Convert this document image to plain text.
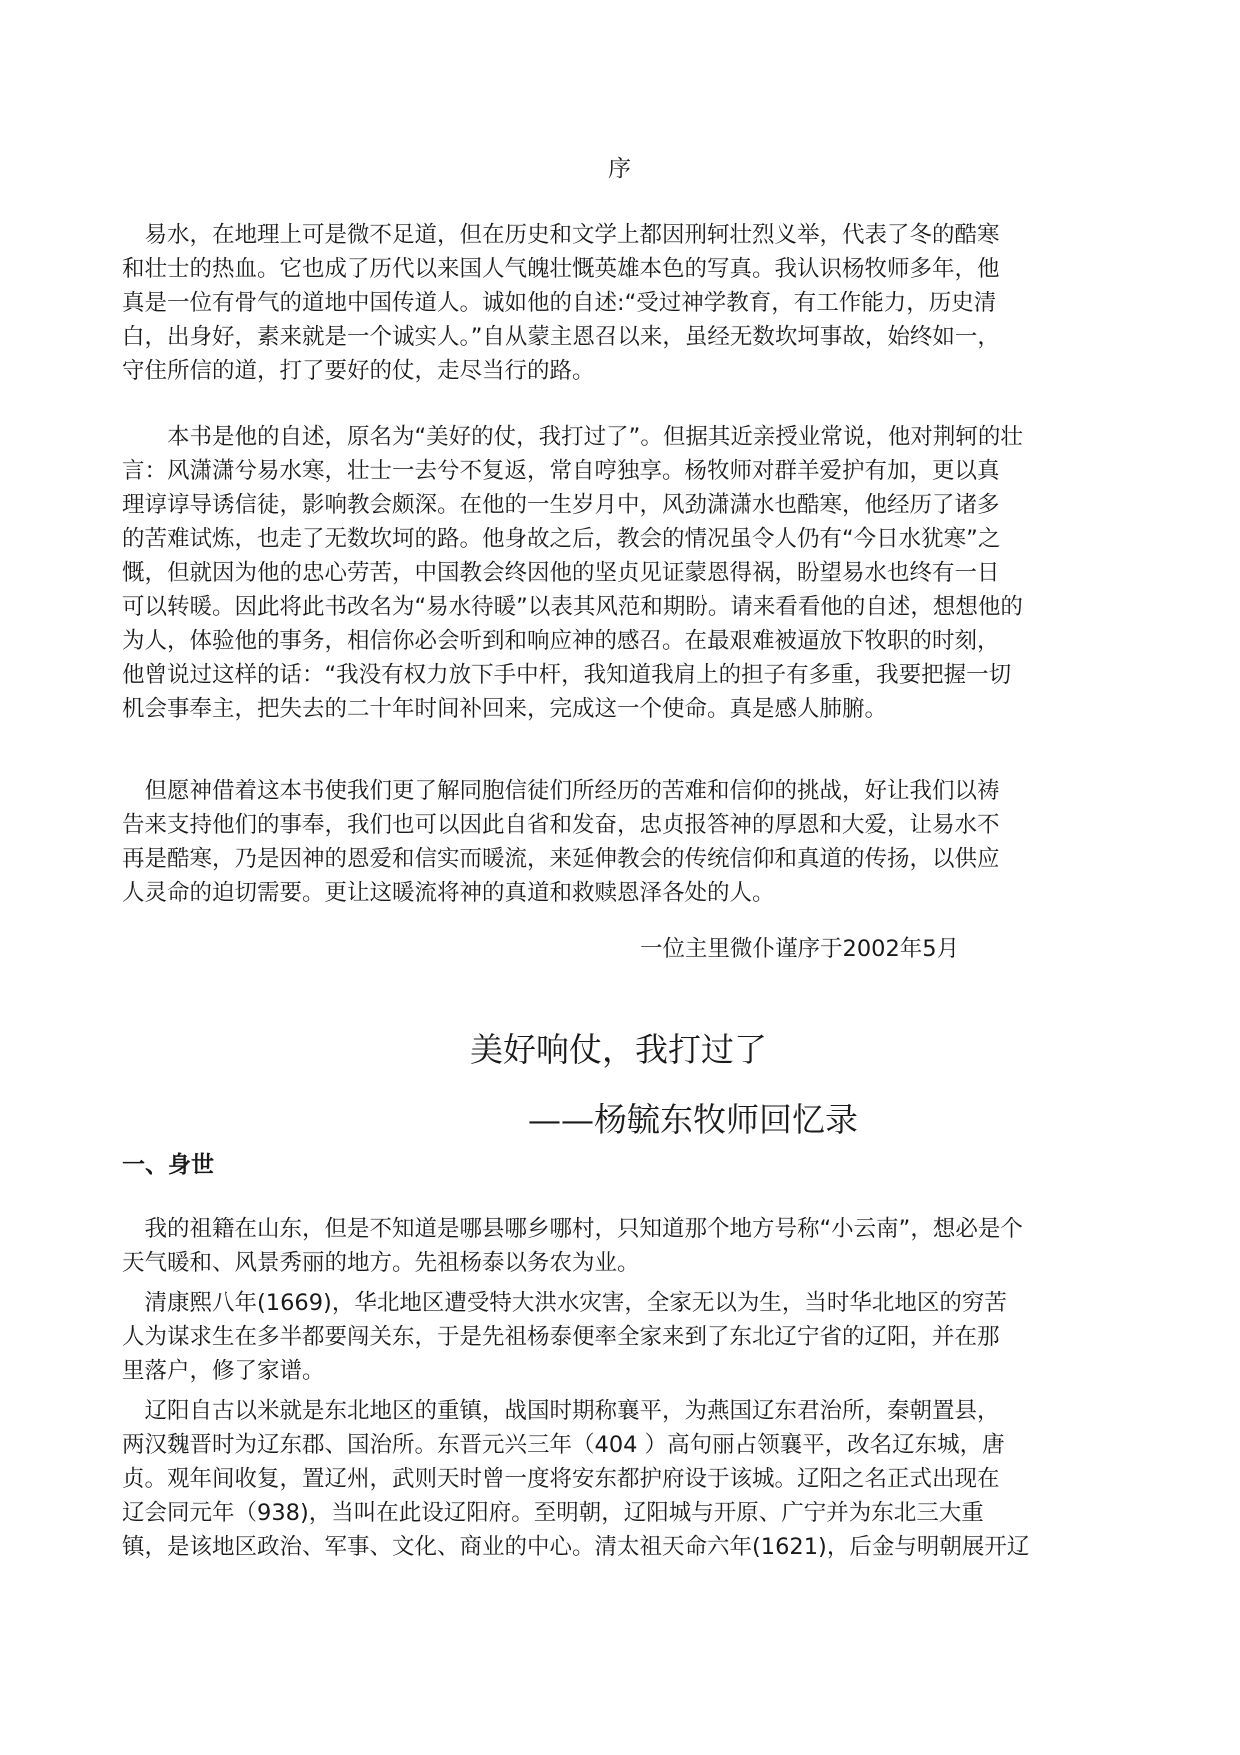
序
　易水，在地理上可是微不足道，但在历史和文学上都因刑轲壮烈义举，代表了冬的酷寒
和壮士的热血。它也成了历代以来国人气魄壮慨英雄本色的写真。我认识杨牧师多年，他
真是一位有骨气的道地中国传道人。诚如他的自述:“受过神学教育，有工作能力，历史清
白，出身好，素来就是一个诚实人。”自从蒙主恩召以来，虽经无数坎坷事故，始终如一，
守住所信的道，打了要好的仗，走尽当行的路。
　　本书是他的自述，原名为“美好的仗，我打过了”。但据其近亲授业常说，他对荆轲的壮
言：风潇潇兮易水寒，壮士一去兮不复返，常自哼独享。杨牧师对群羊爱护有加，更以真
理谆谆导诱信徒，影响教会颇深。在他的一生岁月中，风劲潇潇水也酷寒，他经历了诸多
的苦难试炼，也走了无数坎坷的路。他身故之后，教会的情况虽令人仍有“今日水犹寒”之
慨，但就因为他的忠心劳苦，中国教会终因他的坚贞见证蒙恩得祸，盼望易水也终有一日
可以转暖。因此将此书改名为“易水待暖”以表其风范和期盼。请来看看他的自述，想想他的
为人，体验他的事务，相信你必会听到和响应神的感召。在最艰难被逼放下牧职的时刻，
他曾说过这样的话：“我没有权力放下手中杆，我知道我肩上的担子有多重，我要把握一切
机会事奉主，把失去的二十年时间补回来，完成这一个使命。真是感人肺腑。
　但愿神借着这本书使我们更了解同胞信徒们所经历的苦难和信仰的挑战，好让我们以祷
告来支持他们的事奉，我们也可以因此自省和发奋，忠贞报答神的厚恩和大爱，让易水不
再是酷寒，乃是因神的恩爱和信实而暖流，来延伸教会的传统信仰和真道的传扬，以供应
人灵命的迫切需要。更让这暖流将神的真道和救赎恩泽各处的人。
一位主里微仆谨序于2002年5月
美好响仗，我打过了
——杨毓东牧师回忆录
一、身世
　我的祖籍在山东，但是不知道是哪县哪乡哪村，只知道那个地方号称“小云南”，想必是个
天气暖和、风景秀丽的地方。先祖杨泰以务农为业。
　清康熙八年(1669)，华北地区遭受特大洪水灾害，全家无以为生，当时华北地区的穷苦
人为谋求生在多半都要闯关东，于是先祖杨泰便率全家来到了东北辽宁省的辽阳，并在那
里落户，修了家谱。
　辽阳自古以米就是东北地区的重镇，战国时期称襄平，为燕国辽东君治所，秦朝置县，
两汉魏晋时为辽东郡、国治所。东晋元兴三年（404 ）高句丽占领襄平，改名辽东城，唐
贞。观年间收复，置辽州，武则天时曾一度将安东都护府设于该城。辽阳之名正式出现在
辽会同元年（938)，当叫在此设辽阳府。至明朝，辽阳城与开原、广宁并为东北三大重
镇，是该地区政治、军事、文化、商业的中心。清太祖天命六年(1621)，后金与明朝展开辽
